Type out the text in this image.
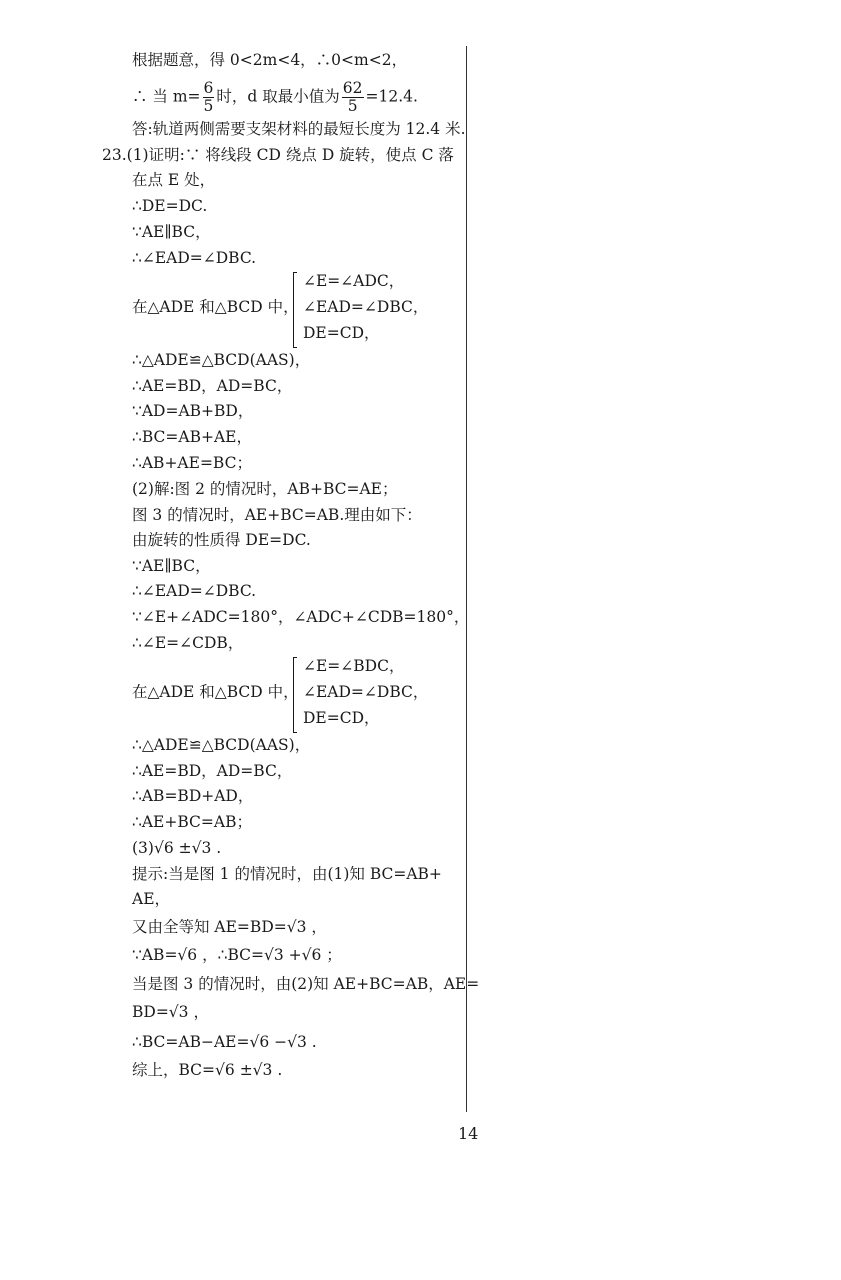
根据题意，得 0<2m<4，∴0<m<2，
∴ 当 $m= \frac{6}{5}$ 时，d 取最小值为 $\frac{62}{5} =12.4$.
答:轨道两侧需要支架材料的最短长度为 12.4 米.
23.(1)证明:∵ 将线段 CD 绕点 D 旋转，使点 C 落
在点 E 处，
∴DE=DC.
∵AE∥BC，
∴∠EAD=∠DBC.
在△ADE 和△BCD 中，
∠E=∠ADC，
∠EAD=∠DBC，
DE=CD，
∴△ADE≌△BCD(AAS)，
∴AE=BD，AD=BC，
∵AD=AB+BD，
∴BC=AB+AE，
∴AB+AE=BC；
(2)解:图 2 的情况时，AB+BC=AE；
图 3 的情况时，AE+BC=AB.理由如下：
由旋转的性质得 DE=DC.
∵AE∥BC，
∴∠EAD=∠DBC.
∵∠E+∠ADC=180°，∠ADC+∠CDB=180°，
∴∠E=∠CDB，
在△ADE 和△BCD 中，
∠E=∠BDC，
∠EAD=∠DBC，
DE=CD，
∴△ADE≌△BCD(AAS)，
∴AE=BD，AD=BC，
∴AB=BD+AD，
∴AE+BC=AB；
(3)√6 ±√3 .
提示:当是图 1 的情况时，由(1)知 BC=AB+
AE，
又由全等知 AE=BD=√3 ，
∵AB=√6 ，∴BC=√3 +√6 ；
当是图 3 的情况时，由(2)知 AE+BC=AB，AE=
BD=√3 ，
∴BC=AB−AE=√6 −√3 .
综上，BC=√6 ±√3 .
14
